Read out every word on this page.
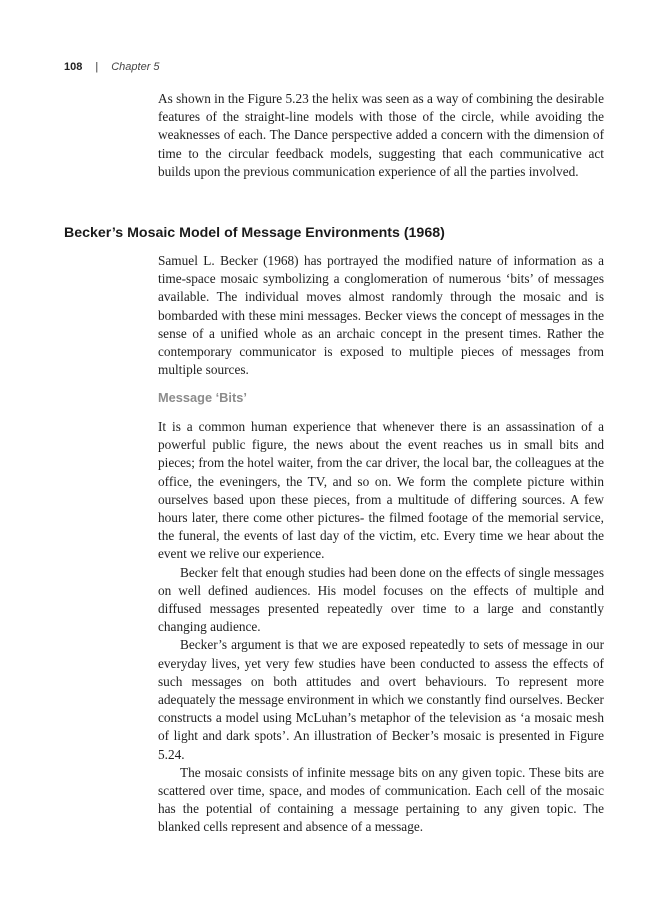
108 | Chapter 5

As shown in the Figure 5.23 the helix was seen as a way of combining the desirable features of the straight-line models with those of the circle, while avoiding the weaknesses of each. The Dance perspective added a concern with the dimension of time to the circular feedback models, suggesting that each communicative act builds upon the previous communication experience of all the parties involved.

Becker’s Mosaic Model of Message Environments (1968)

Samuel L. Becker (1968) has portrayed the modified nature of information as a time-space mosaic symbolizing a conglomeration of numerous ‘bits’ of messages available. The individual moves almost randomly through the mosaic and is bombarded with these mini messages. Becker views the concept of messages in the sense of a unified whole as an archaic concept in the present times. Rather the contemporary communicator is exposed to multiple pieces of messages from multiple sources.

Message ‘Bits’

It is a common human experience that whenever there is an assassination of a powerful public figure, the news about the event reaches us in small bits and pieces; from the hotel waiter, from the car driver, the local bar, the colleagues at the office, the eveningers, the TV, and so on. We form the complete picture within ourselves based upon these pieces, from a multitude of differing sources. A few hours later, there come other pictures- the filmed footage of the memorial service, the funeral, the events of last day of the victim, etc. Every time we hear about the event we relive our experience.

Becker felt that enough studies had been done on the effects of single messages on well defined audiences. His model focuses on the effects of multiple and diffused messages presented repeatedly over time to a large and constantly changing audience.

Becker’s argument is that we are exposed repeatedly to sets of message in our everyday lives, yet very few studies have been conducted to assess the effects of such messages on both attitudes and overt behaviours. To represent more adequately the message environment in which we constantly find ourselves. Becker constructs a model using McLuhan’s metaphor of the television as ‘a mosaic mesh of light and dark spots’. An illustration of Becker’s mosaic is presented in Figure 5.24.

The mosaic consists of infinite message bits on any given topic. These bits are scattered over time, space, and modes of communication. Each cell of the mosaic has the potential of containing a message pertaining to any given topic. The blanked cells represent and absence of a message.
